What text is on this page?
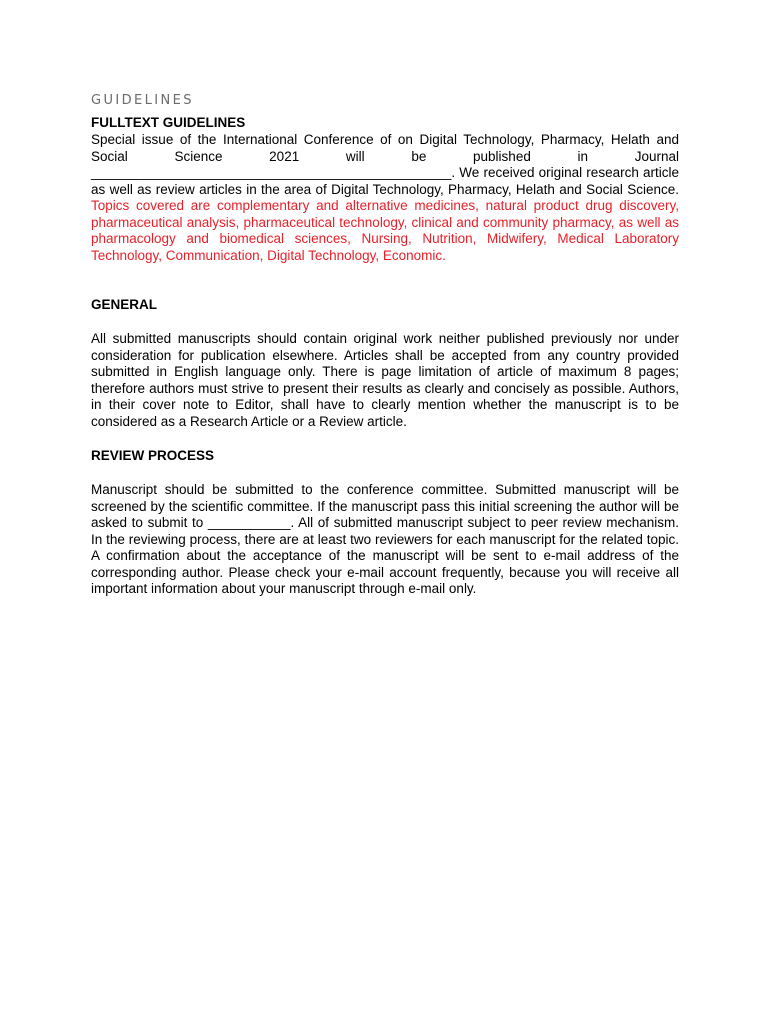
GUIDELINES
FULLTEXT GUIDELINES
Special issue of the International Conference of on Digital Technology, Pharmacy, Helath and Social Science 2021 will be published in Journal ________________________________________________. We received original research article as well as review articles in the area of Digital Technology, Pharmacy, Helath and Social Science. Topics covered are complementary and alternative medicines, natural product drug discovery, pharmaceutical analysis, pharmaceutical technology, clinical and community pharmacy, as well as pharmacology and biomedical sciences, Nursing, Nutrition, Midwifery, Medical Laboratory Technology, Communication, Digital Technology, Economic.
GENERAL
All submitted manuscripts should contain original work neither published previously nor under consideration for publication elsewhere. Articles shall be accepted from any country provided submitted in English language only. There is page limitation of article of maximum 8 pages; therefore authors must strive to present their results as clearly and concisely as possible. Authors, in their cover note to Editor, shall have to clearly mention whether the manuscript is to be considered as a Research Article or a Review article.
REVIEW PROCESS
Manuscript should be submitted to the conference committee. Submitted manuscript will be screened by the scientific committee. If the manuscript pass this initial screening the author will be asked to submit to ___________. All of submitted manuscript subject to peer review mechanism. In the reviewing process, there are at least two reviewers for each manuscript for the related topic. A confirmation about the acceptance of the manuscript will be sent to e-mail address of the corresponding author. Please check your e-mail account frequently, because you will receive all important information about your manuscript through e-mail only.
